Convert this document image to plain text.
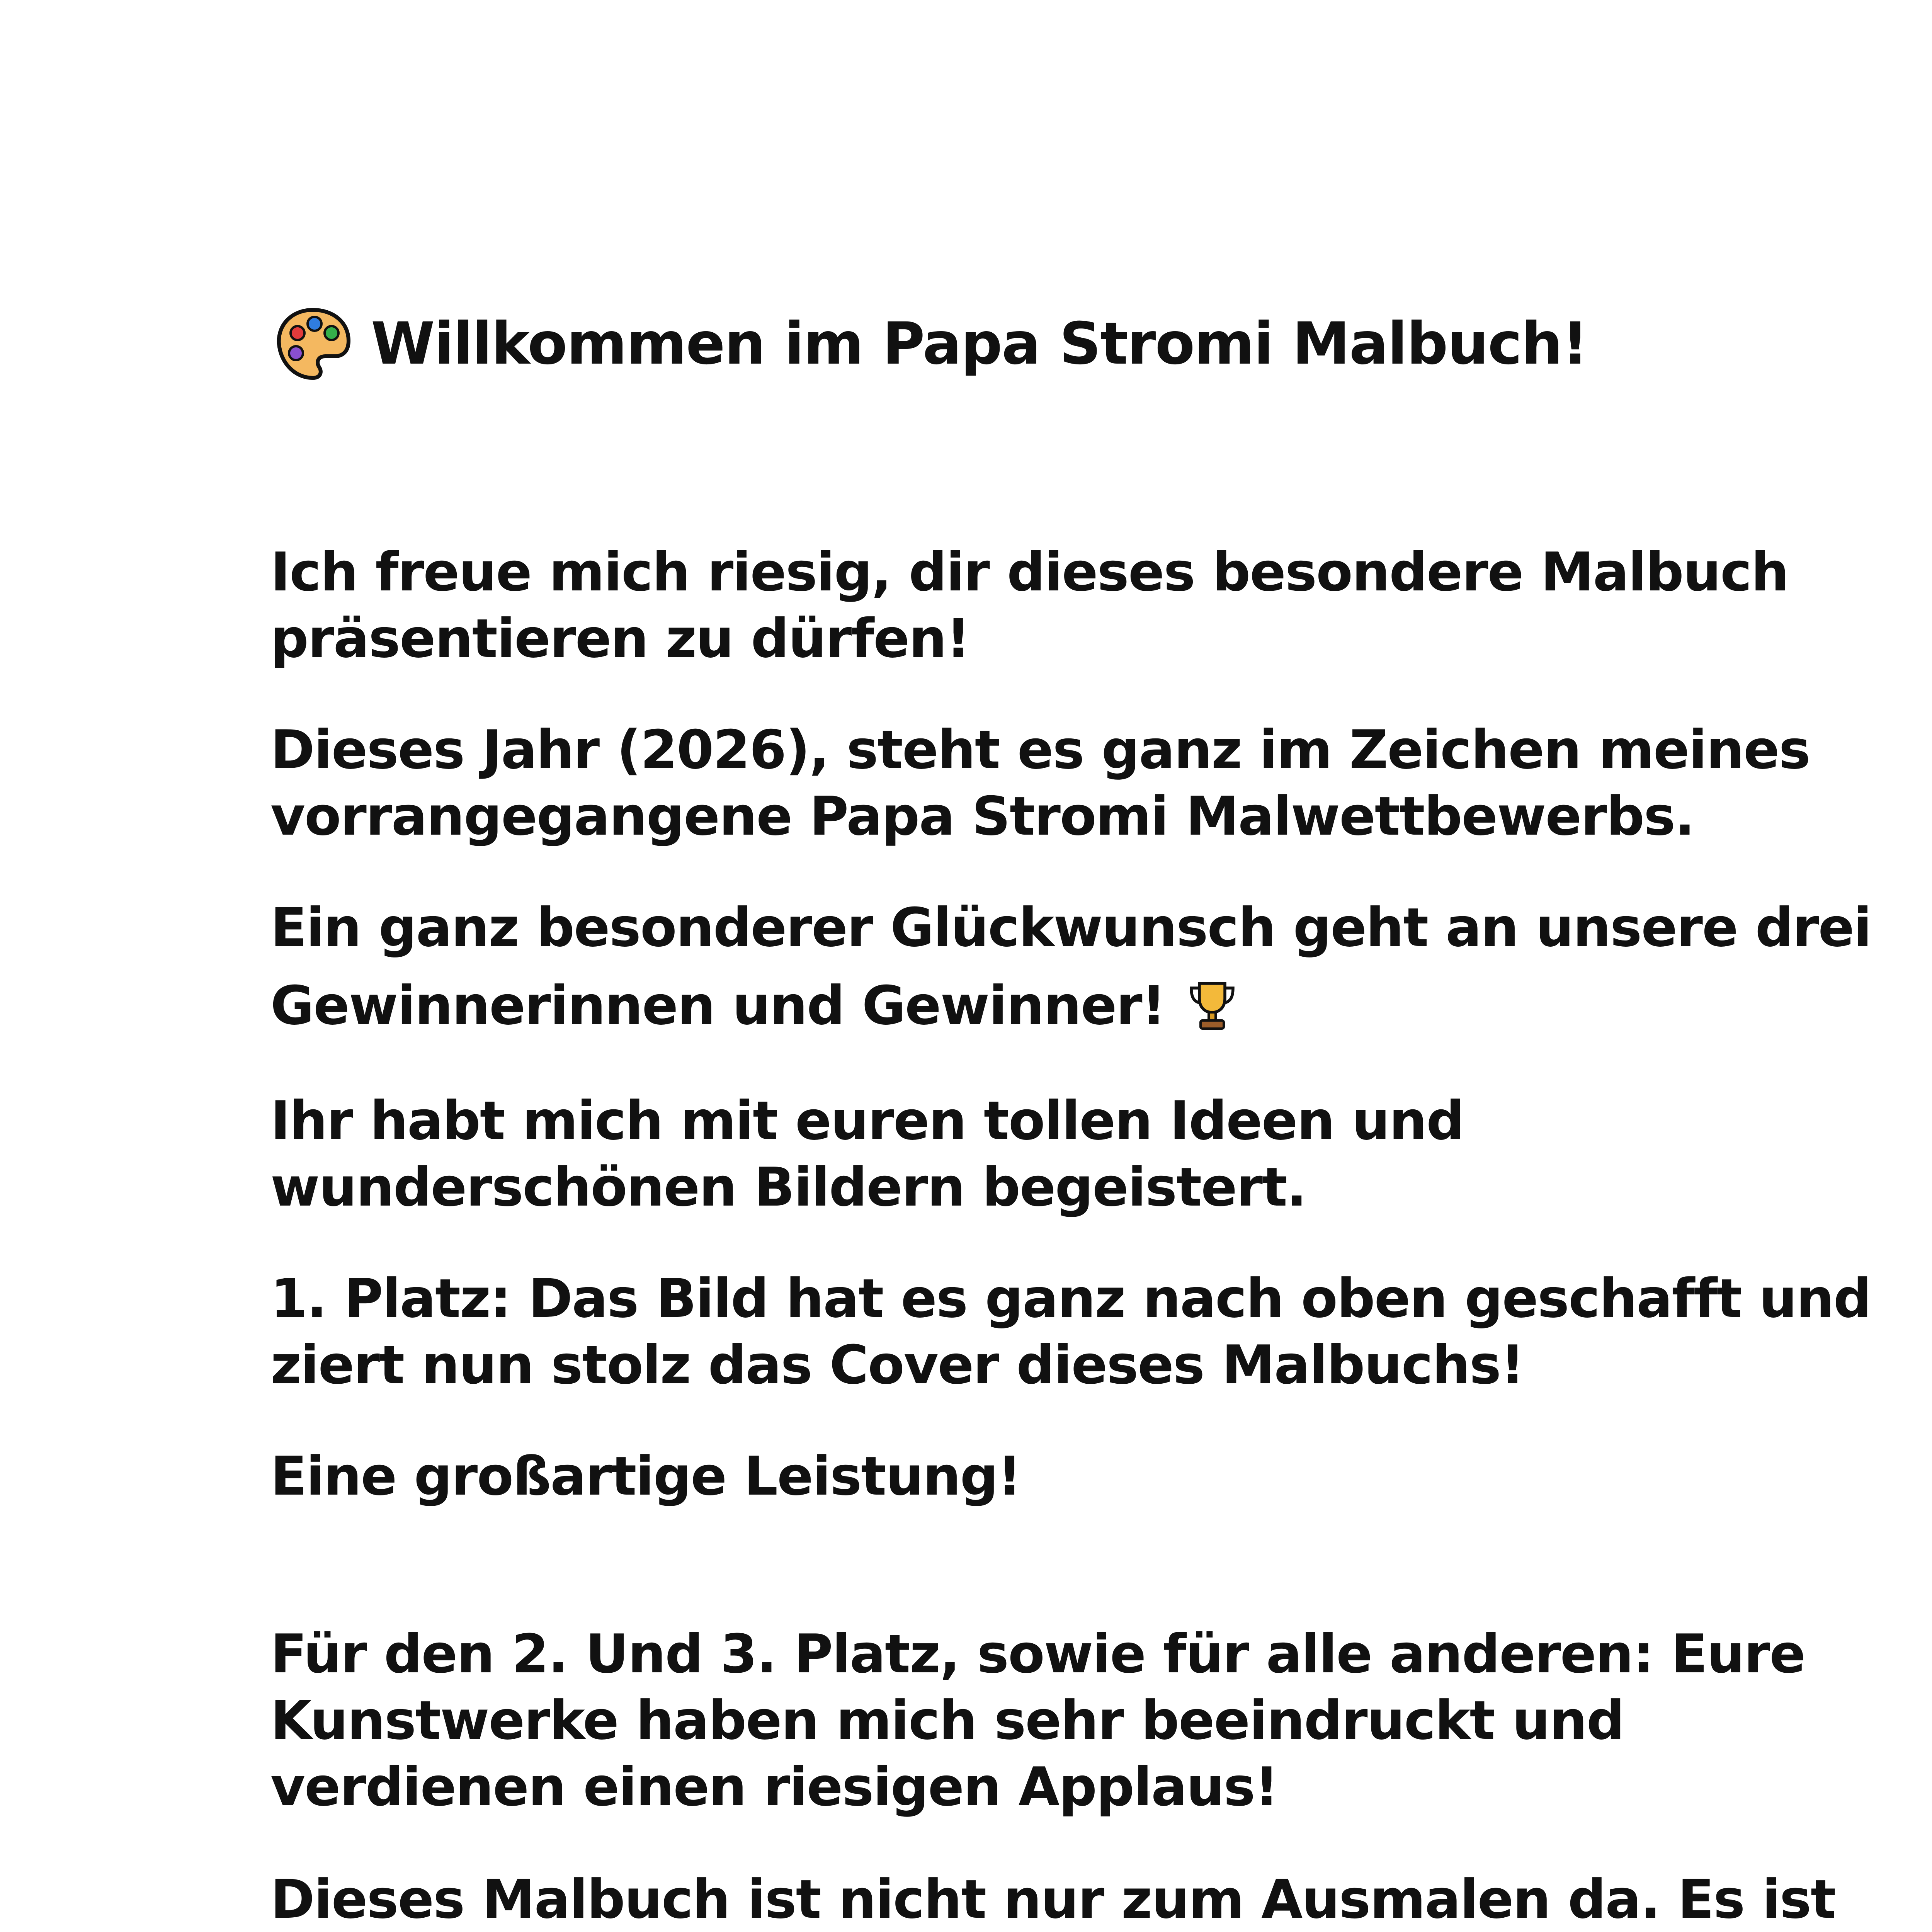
Willkommen im Papa Stromi Malbuch!

Ich freue mich riesig, dir dieses besondere Malbuch
präsentieren zu dürfen!

Dieses Jahr (2026), steht es ganz im Zeichen meines
vorrangegangene Papa Stromi Malwettbewerbs.

Ein ganz besonderer Glückwunsch geht an unsere drei
Gewinnerinnen und Gewinner!

Ihr habt mich mit euren tollen Ideen und
wunderschönen Bildern begeistert.

1. Platz: Das Bild hat es ganz nach oben geschafft und
ziert nun stolz das Cover dieses Malbuchs!

Eine großartige Leistung!

Für den 2. Und 3. Platz, sowie für alle anderen: Eure
Kunstwerke haben mich sehr beeindruckt und
verdienen einen riesigen Applaus!

Dieses Malbuch ist nicht nur zum Ausmalen da. Es ist
